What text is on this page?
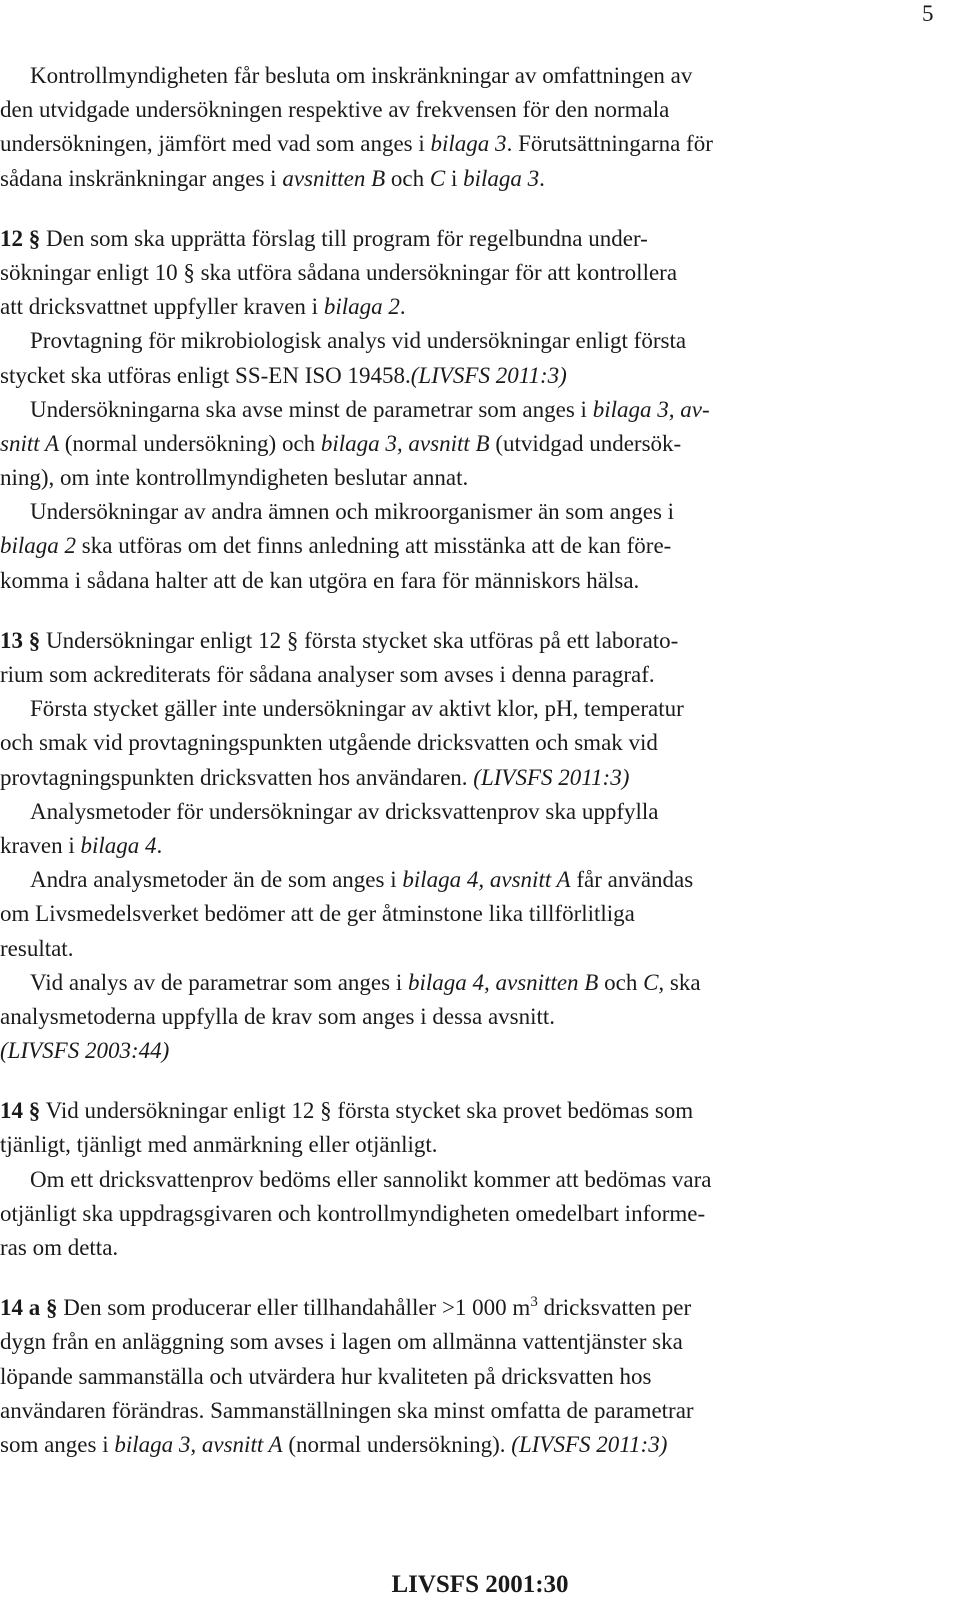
5
Kontrollmyndigheten får besluta om inskränkningar av omfattningen av
den utvidgade undersökningen respektive av frekvensen för den normala
undersökningen, jämfört med vad som anges i bilaga 3. Förutsättningarna för
sådana inskränkningar anges i avsnitten B och C i bilaga 3.
12 § Den som ska upprätta förslag till program för regelbundna under-
sökningar enligt 10 § ska utföra sådana undersökningar för att kontrollera
att dricksvattnet uppfyller kraven i bilaga 2.
Provtagning för mikrobiologisk analys vid undersökningar enligt första
stycket ska utföras enligt SS-EN ISO 19458.(LIVSFS 2011:3)
Undersökningarna ska avse minst de parametrar som anges i bilaga 3, av-
snitt A (normal undersökning) och bilaga 3, avsnitt B (utvidgad undersök-
ning), om inte kontrollmyndigheten beslutar annat.
Undersökningar av andra ämnen och mikroorganismer än som anges i
bilaga 2 ska utföras om det finns anledning att misstänka att de kan före-
komma i sådana halter att de kan utgöra en fara för människors hälsa.
13 § Undersökningar enligt 12 § första stycket ska utföras på ett laborato-
rium som ackrediterats för sådana analyser som avses i denna paragraf.
Första stycket gäller inte undersökningar av aktivt klor, pH, temperatur
och smak vid provtagningspunkten utgående dricksvatten och smak vid
provtagningspunkten dricksvatten hos användaren. (LIVSFS 2011:3)
Analysmetoder för undersökningar av dricksvattenprov ska uppfylla
kraven i bilaga 4.
Andra analysmetoder än de som anges i bilaga 4, avsnitt A får användas
om Livsmedelsverket bedömer att de ger åtminstone lika tillförlitliga
resultat.
Vid analys av de parametrar som anges i bilaga 4, avsnitten B och C, ska
analysmetoderna uppfylla de krav som anges i dessa avsnitt.
(LIVSFS 2003:44)
14 § Vid undersökningar enligt 12 § första stycket ska provet bedömas som
tjänligt, tjänligt med anmärkning eller otjänligt.
Om ett dricksvattenprov bedöms eller sannolikt kommer att bedömas vara
otjänligt ska uppdragsgivaren och kontrollmyndigheten omedelbart informe-
ras om detta.
14 a § Den som producerar eller tillhandahåller >1 000 $m^3$ dricksvatten per
dygn från en anläggning som avses i lagen om allmänna vattentjänster ska
löpande sammanställa och utvärdera hur kvaliteten på dricksvatten hos
användaren förändras. Sammanställningen ska minst omfatta de parametrar
som anges i bilaga 3, avsnitt A (normal undersökning). (LIVSFS 2011:3)
LIVSFS 2001:30
